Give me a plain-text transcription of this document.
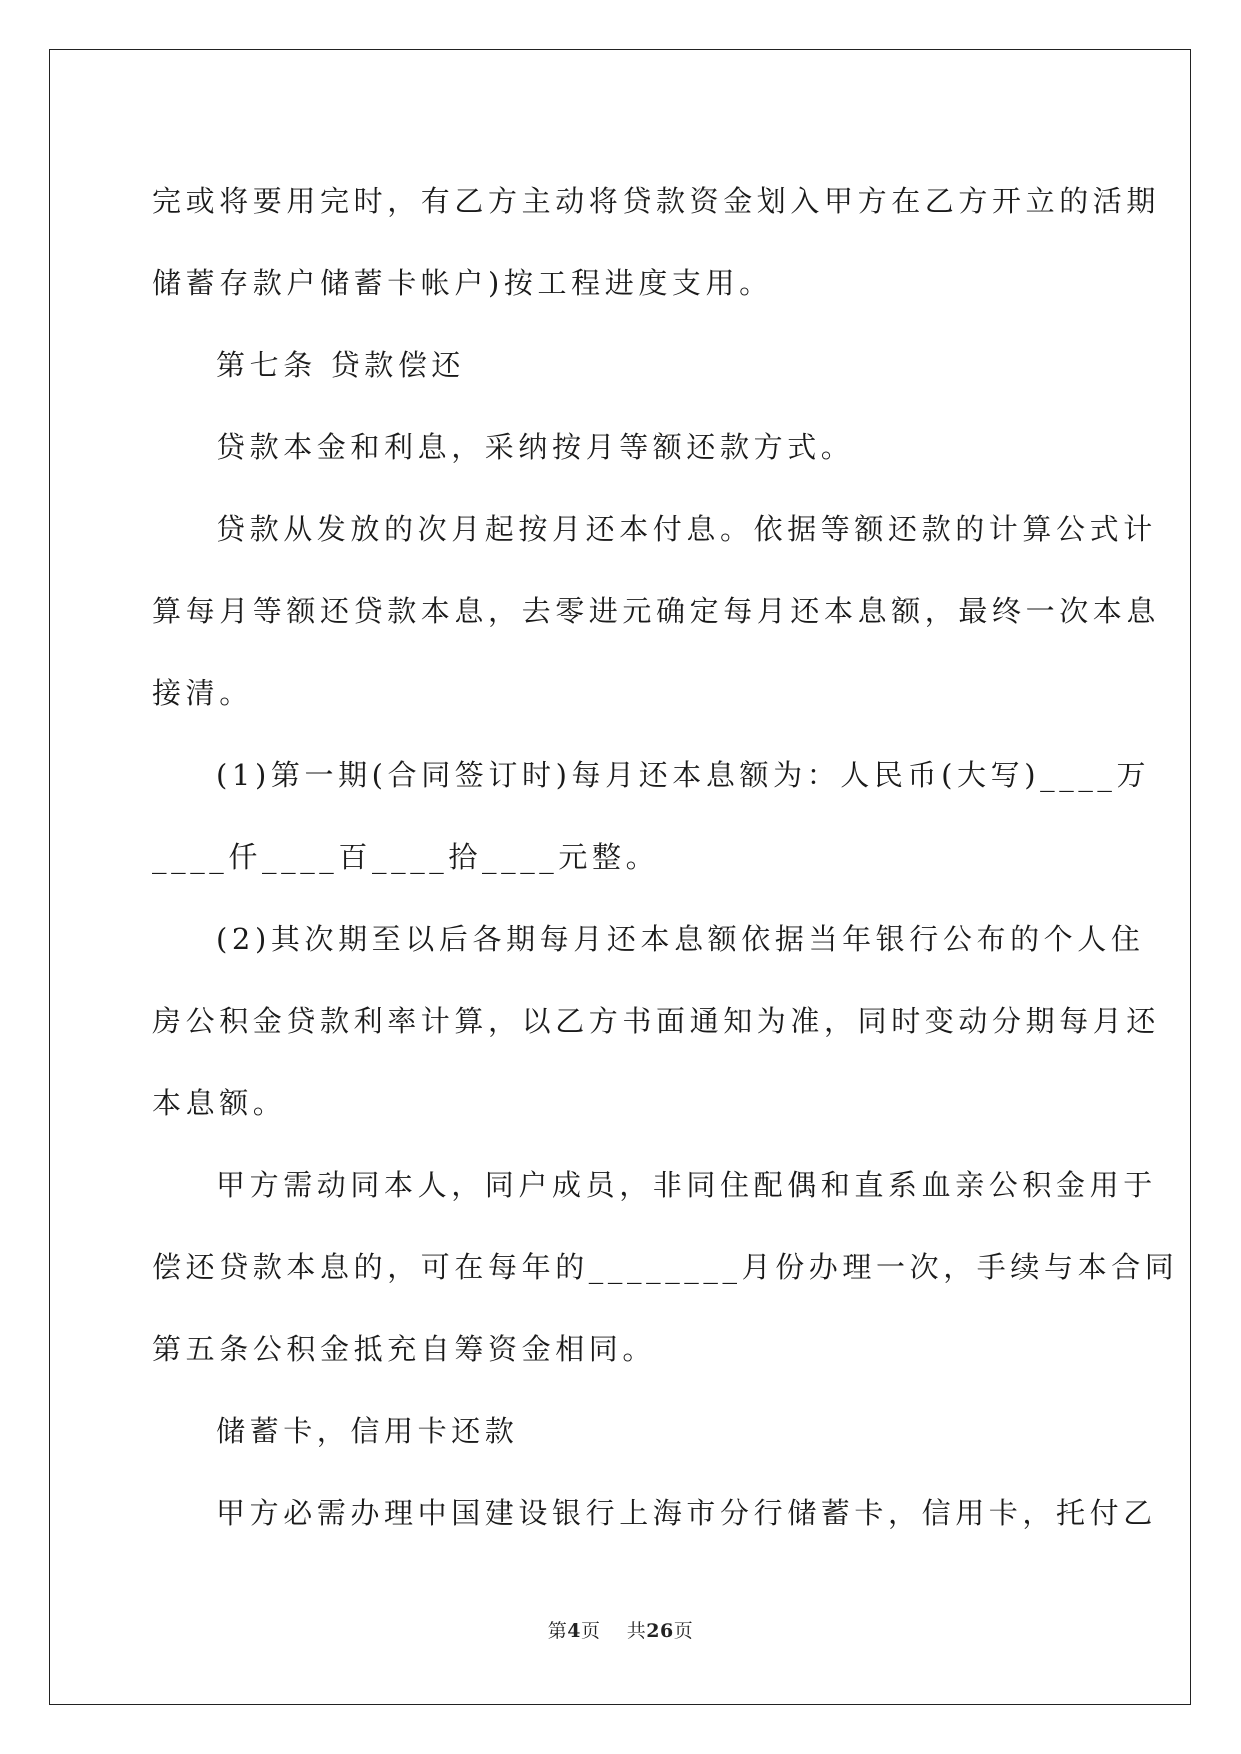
完或将要用完时，有乙方主动将贷款资金划入甲方在乙方开立的活期
储蓄存款户储蓄卡帐户)按工程进度支用。
第七条 贷款偿还
贷款本金和利息，采纳按月等额还款方式。
贷款从发放的次月起按月还本付息。依据等额还款的计算公式计
算每月等额还贷款本息，去零进元确定每月还本息额，最终一次本息
接清。
(1)第一期(合同签订时)每月还本息额为：人民币(大写)____万
____仟____百____拾____元整。
(2)其次期至以后各期每月还本息额依据当年银行公布的个人住
房公积金贷款利率计算，以乙方书面通知为准，同时变动分期每月还
本息额。
甲方需动同本人，同户成员，非同住配偶和直系血亲公积金用于
偿还贷款本息的，可在每年的________月份办理一次，手续与本合同
第五条公积金抵充自筹资金相同。
储蓄卡，信用卡还款
甲方必需办理中国建设银行上海市分行储蓄卡，信用卡，托付乙
第4页 共26页
